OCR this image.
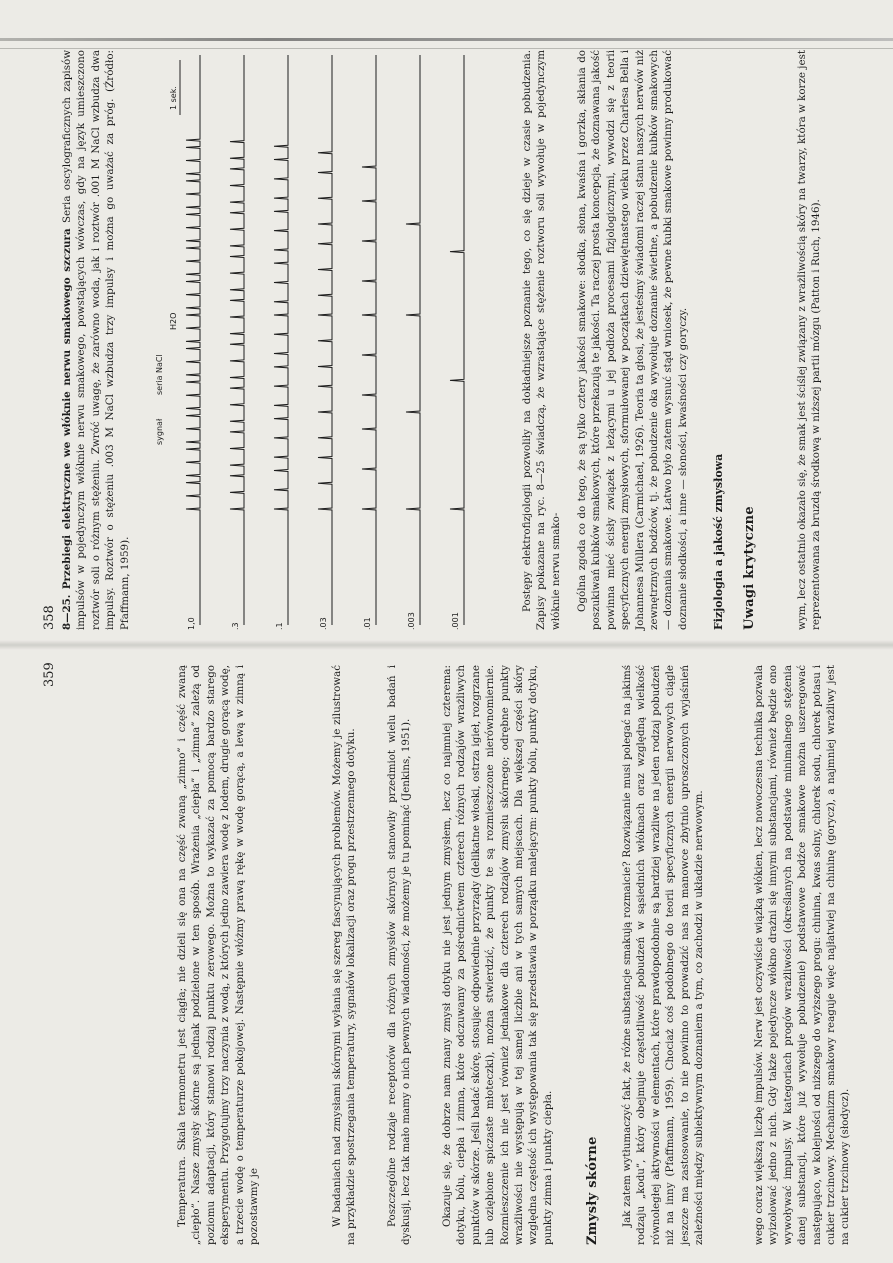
358	wym, lecz ostatnio okazało się, że smak jest ściślej związany z wrażliwością skóry na twarzy, która w korze jest reprezentowana za bruzdą środkową w niższej partii mózgu (Patton i Ruch, 1946).

Uwagi krytyczne
Fizjologia a jakość zmysłowa

Ogólna zgoda co do tego, że są tylko cztery jakości smakowe: słodka, słona, kwaśna i gorzka, skłania do poszukiwań kubków smakowych, które przekazują te jakości. Ta raczej prosta koncepcja, że doznawana jakość powinna mieć ścisły związek z leżącymi u jej podłoża procesami fizjologicznymi, wywodzi się z teorii specyficznych energii zmysłowych, sformułowanej w początkach dziewiętnastego wieku przez Charlesa Bella i Johannesa Müllera (Carmichael, 1926). Teoria ta głosi, że jesteśmy świadomi raczej stanu naszych nerwów niż zewnętrznych bodźców, tj. że pobudzenie oka wywołuje doznanie świetlne, a pobudzenie kubków smakowych — doznania smakowe. Łatwo było zatem wysnuć stąd wniosek, że pewne kubki smakowe powinny produkować doznanie słodkości, a inne — słoności, kwaśności czy goryczy.

Postępy elektrofizjologii pozwoliły na dokładniejsze poznanie tego, co się dzieje w czasie pobudzenia. Zapisy pokazane na ryc. 8—25 świadczą, że wzrastające stężenie roztworu soli wywołuje w pojedynczym włóknie nerwu smako-

1,0	.3	.1	.03	.01	.003	.001
sygnał
seria NaCl
H2O
1 sek.

8—25. Przebiegi elektryczne we włóknie nerwu smakowego szczura Seria oscylograficznych zapisów impulsów w pojedynczym włóknie nerwu smakowego, powstających wówczas, gdy na język umieszczono roztwór soli o różnym stężeniu. Zwróć uwagę, że zarówno woda, jak i roztwór .001 M NaCl wzbudza dwa impulsy. Roztwór o stężeniu .003 M NaCl wzbudza trzy impulsy i można go uważać za próg. (Źródło: Pfaffmann, 1959).

wego coraz większą liczbę impulsów. Nerw jest oczywiście wiązką włókien, lecz nowoczesna technika pozwala wyizolować jedno z nich. Gdy także pojedyncze włókno drażni się innymi substancjami, również będzie ono wywoływać impulsy. W kategoriach progów wrażliwości (określanych na podstawie minimalnego stężenia danej substancji, które już wywołuje pobudzenie) podstawowe bodźce smakowe można uszeregować następująco, w kolejności od niższego do wyższego progu: chinina, kwas solny, chlorek sodu, chlorek potasu i cukier trzcinowy. Mechanizm smakowy reaguje więc najłatwiej na chininę (gorycz), a najmniej wrażliwy jest na cukier trzcinowy (słodycz).

Jak zatem wytłumaczyć fakt, że różne substancje smakują rozmaicie? Rozwiązanie musi polegać na jakimś rodzaju „kodu”, który obejmuje częstotliwość pobudzeń w sąsiednich włóknach oraz względną wielkość równoległej aktywności w elementach, które prawdopodobnie są bardziej wrażliwe na jeden rodzaj pobudzeń niż na inny (Pfaffmann, 1959). Chociaż coś podobnego do teorii specyficznych energii nerwowych ciągle jeszcze ma zastosowanie, to nie powinno to prowadzić nas na manowce zbytnio uproszczonych wyjaśnień zależności między subiektywnym doznaniem a tym, co zachodzi w układzie nerwowym.

Zmysły skórne

Okazuje się, że dobrze nam znany zmysł dotyku nie jest jednym zmysłem, lecz co najmniej czterema: dotyku, bólu, ciepła i zimna, które odczuwamy za pośrednictwem czterech różnych rodzajów wrażliwych punktów w skórze. Jeśli badać skórę, stosując odpowiednie przyrządy (delikatne włoski, ostrza igieł, rozgrzane lub oziębione spiczaste młoteczki), można stwierdzić, że punkty te są rozmieszczone nierównomiernie. Rozmieszczenie ich nie jest również jednakowe dla czterech rodzajów zmysłu skórnego; odrębne punkty wrażliwości nie występują w tej samej liczbie ani w tych samych miejscach. Dla większej części skóry względna częstość ich występowania tak się przedstawia w porządku malejącym: punkty bólu, punkty dotyku, punkty zimna i punkty ciepła.

Poszczególne rodzaje receptorów dla różnych zmysłów skórnych stanowiły przedmiot wielu badań i dyskusji, lecz tak mało mamy o nich pewnych wiadomości, że możemy je tu pominąć (Jenkins, 1951).

W badaniach nad zmysłami skórnymi wyłania się szereg fascynujących problemów. Możemy je zilustrować na przykładzie spostrzegania temperatury, sygnałów lokalizacji oraz progu przestrzennego dotyku.

Temperatura. Skala termometru jest ciągła; nie dzieli się ona na część zwaną „zimno” i część zwaną „ciepło”. Nasze zmysły skórne są jednak podzielone w ten sposób. Wrażenia „ciepła” i „zimna” zależą od poziomu adaptacji, który stanowi rodzaj punktu zerowego. Można to wykazać za pomocą bardzo starego eksperymentu. Przygotujmy trzy naczynia z wodą, z których jedno zawiera wodę z lodem, drugie gorącą wodę, a trzecie wodę o temperaturze pokojowej. Następnie włóżmy prawą rękę w wodę gorącą, a lewą w zimną i pozostawmy je

359
